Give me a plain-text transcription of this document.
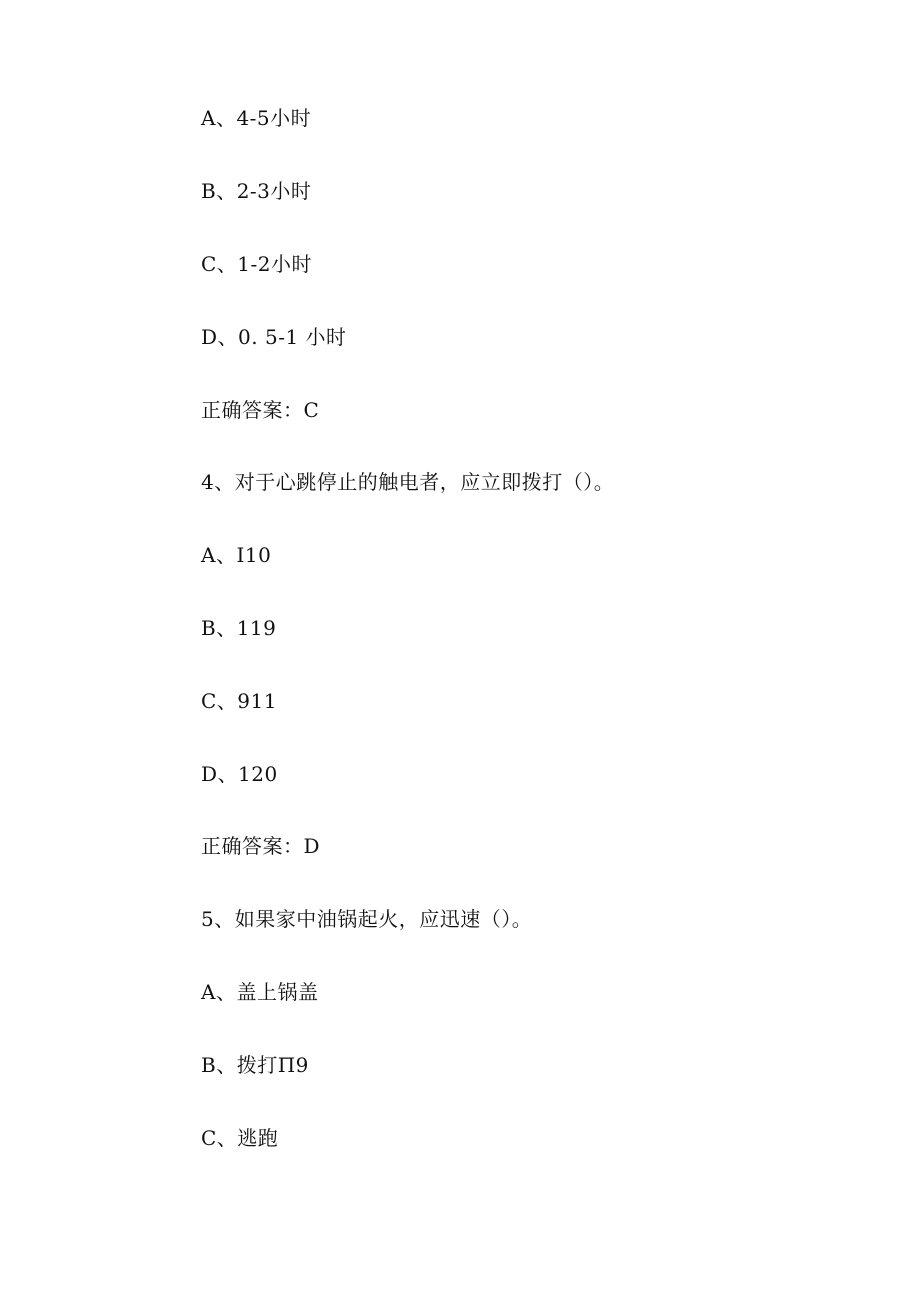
A、4-5小时
B、2-3小时
C、1-2小时
D、0. 5-1 小时
正确答案：C
4、对于心跳停止的触电者，应立即拨打（）。
A、I10
B、119
C、911
D、120
正确答案：D
5、如果家中油锅起火，应迅速（）。
A、盖上锅盖
B、拨打Π9
C、逃跑
